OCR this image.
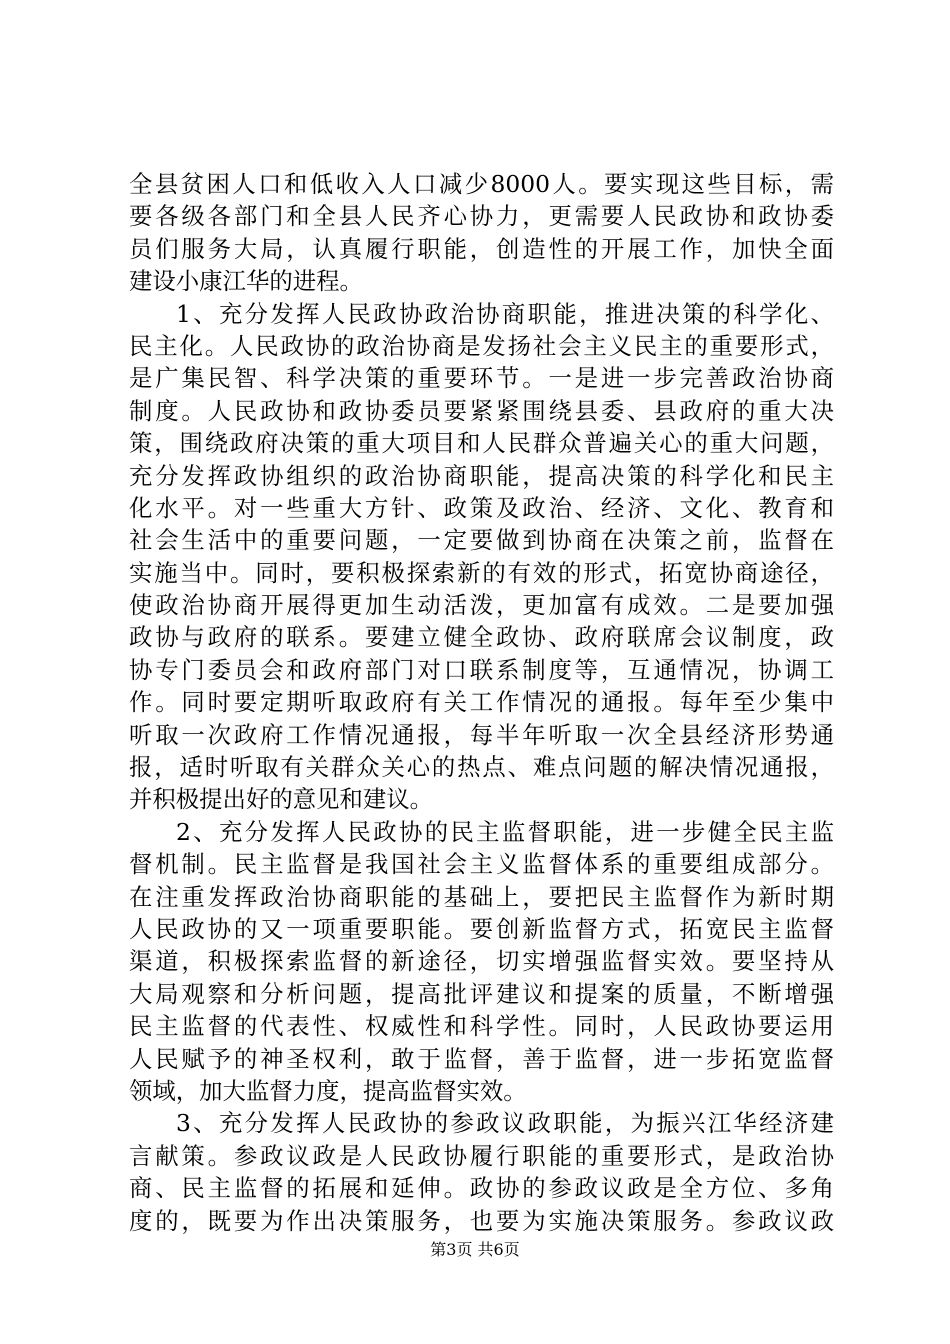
全县贫困人口和低收入人口减少8000人。要实现这些目标，需
要各级各部门和全县人民齐心协力，更需要人民政协和政协委
员们服务大局，认真履行职能，创造性的开展工作，加快全面
建设小康江华的进程。
1、充分发挥人民政协政治协商职能，推进决策的科学化、
民主化。人民政协的政治协商是发扬社会主义民主的重要形式，
是广集民智、科学决策的重要环节。一是进一步完善政治协商
制度。人民政协和政协委员要紧紧围绕县委、县政府的重大决
策，围绕政府决策的重大项目和人民群众普遍关心的重大问题，
充分发挥政协组织的政治协商职能，提高决策的科学化和民主
化水平。对一些重大方针、政策及政治、经济、文化、教育和
社会生活中的重要问题，一定要做到协商在决策之前，监督在
实施当中。同时，要积极探索新的有效的形式，拓宽协商途径，
使政治协商开展得更加生动活泼，更加富有成效。二是要加强
政协与政府的联系。要建立健全政协、政府联席会议制度，政
协专门委员会和政府部门对口联系制度等，互通情况，协调工
作。同时要定期听取政府有关工作情况的通报。每年至少集中
听取一次政府工作情况通报，每半年听取一次全县经济形势通
报，适时听取有关群众关心的热点、难点问题的解决情况通报，
并积极提出好的意见和建议。
2、充分发挥人民政协的民主监督职能，进一步健全民主监
督机制。民主监督是我国社会主义监督体系的重要组成部分。
在注重发挥政治协商职能的基础上，要把民主监督作为新时期
人民政协的又一项重要职能。要创新监督方式，拓宽民主监督
渠道，积极探索监督的新途径，切实增强监督实效。要坚持从
大局观察和分析问题，提高批评建议和提案的质量，不断增强
民主监督的代表性、权威性和科学性。同时，人民政协要运用
人民赋予的神圣权利，敢于监督，善于监督，进一步拓宽监督
领域，加大监督力度，提高监督实效。
3、充分发挥人民政协的参政议政职能，为振兴江华经济建
言献策。参政议政是人民政协履行职能的重要形式，是政治协
商、民主监督的拓展和延伸。政协的参政议政是全方位、多角
度的，既要为作出决策服务，也要为实施决策服务。参政议政
第3页 共6页
